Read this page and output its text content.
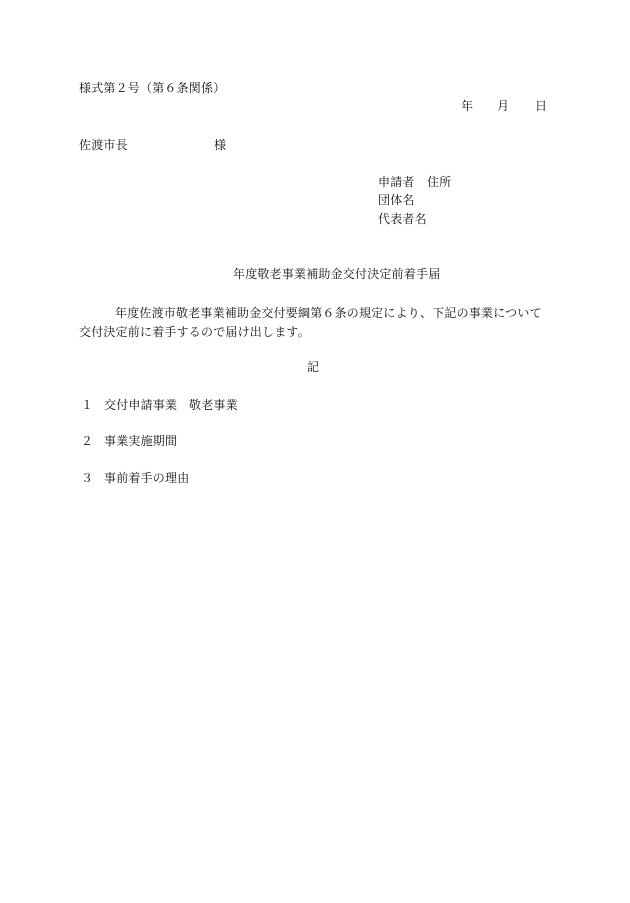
様式第２号（第６条関係）
年 月 日
佐渡市長	様
申請者 住所
団体名
代表者名
年度敬老事業補助金交付決定前着手届
年度佐渡市敬老事業補助金交付要綱第６条の規定により、下記の事業について交付決定前に着手するので届け出します。
記
１ 交付申請事業 敬老事業
２ 事業実施期間
３ 事前着手の理由
